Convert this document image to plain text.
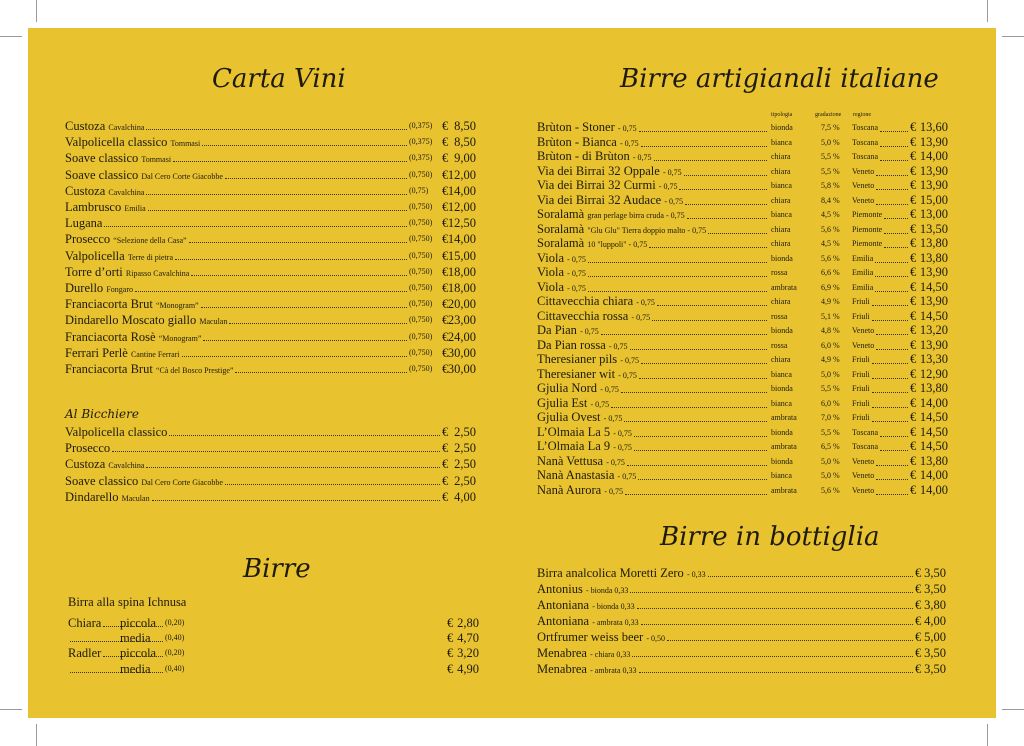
Carta Vini	Birre artigianali italiane
Al Bicchiere
Birre
Birre in bottiglia
tipologia	gradazione regione
Birra alla spina Ichnusa
Custoza Cavalchina	(0,375) € 8,50
Valpolicella classico Tommasi	(0,375) € 8,50
Soave classico Tommasi	(0,375) € 9,00
Soave classico Dal Cero Corte Giacobbe	(0,750) € 12,00
Custoza Cavalchina	(0,75) € 14,00
Lambrusco Emilia	(0,750) € 12,00
Lugana	(0,750) € 12,50
Prosecco “Selezione della Casa”	(0,750) € 14,00
Valpolicella Terre di pietra	(0,750) € 15,00
Torre d’orti Ripasso Cavalchina	(0,750) € 18,00
Durello Fongaro	(0,750) € 18,00
Franciacorta Brut “Monogram”	(0,750) € 20,00
Dindarello Moscato giallo Maculan	(0,750) € 23,00
Franciacorta Rosè “Monogram”	(0,750) € 24,00
Ferrari Perlè Cantine Ferrari	(0,750) € 30,00
Franciacorta Brut “Cà del Bosco Prestige”	(0,750) € 30,00
Valpolicella classico	€ 2,50
Prosecco	€ 2,50
Custoza Cavalchina	€ 2,50
Soave classico Dal Cero Corte Giacobbe	€ 2,50
Dindarello Maculan	€ 4,00
Chiara piccola (0,20)	€ 2,80
media (0,40)	€ 4,70
Radler piccola (0,20)	€ 3,20
media (0,40)	€ 4,90
Brùton - Stoner - 0,75	bionda	7,5 % Toscana	€ 13,60
Brùton - Bianca - 0,75	bianca	5,0 % Toscana	€ 13,90
Brùton - di Brùton - 0,75	chiara	5,5 % Toscana	€ 14,00
Via dei Birrai 32 Oppale - 0,75	chiara	5,5 % Veneto	€ 13,90
Via dei Birrai 32 Curmi - 0,75	bianca	5,8 % Veneto	€ 13,90
Via dei Birrai 32 Audace - 0,75	chiara	8,4 % Veneto	€ 15,00
Soralamà gran perlage birra cruda - 0,75	bianca	4,5 % Piemonte € 13,00
Soralamà "Glu Glu" Tierra doppio malto - 0,75	chiara	5,6 % Piemonte € 13,50
Soralamà 10 "luppoli" - 0,75	chiara	4,5 % Piemonte € 13,80
Viola - 0,75	bionda	5,6 % Emilia	€ 13,80
Viola - 0,75	rossa	6,6 % Emilia	€ 13,90
Viola - 0,75	ambrata	6,9 % Emilia	€ 14,50
Cittavecchia chiara - 0,75	chiara	4,9 % Friuli	€ 13,90
Cittavecchia rossa - 0,75	rossa	5,1 % Friuli	€ 14,50
Da Pian - 0,75	bionda	4,8 % Veneto	€ 13,20
Da Pian rossa - 0,75	rossa	6,0 % Veneto	€ 13,90
Theresianer pils - 0,75	chiara	4,9 % Friuli	€ 13,30
Theresianer wit - 0,75	bianca	5,0 % Friuli	€ 12,90
Gjulia Nord - 0,75	bionda	5,5 % Friuli	€ 13,80
Gjulia Est - 0,75	bianca	6,0 % Friuli	€ 14,00
Gjulia Ovest - 0,75	ambrata	7,0 % Friuli	€ 14,50
L’Olmaia La 5 - 0,75	bionda	5,5 % Toscana	€ 14,50
L’Olmaia La 9 - 0,75	ambrata	6,5 % Toscana	€ 14,50
Nanà Vettusa - 0,75	bionda	5,0 % Veneto	€ 13,80
Nanà Anastasia - 0,75	bianca	5,0 % Veneto	€ 14,00
Nanà Aurora - 0,75	ambrata	5,6 % Veneto	€ 14,00
Birra analcolica Moretti Zero - 0,33	€ 3,50
Antonius - bionda 0,33	€ 3,50
Antoniana - bionda 0,33	€ 3,80
Antoniana - ambrata 0,33	€ 4,00
Ortfrumer weiss beer - 0,50	€ 5,00
Menabrea - chiara 0,33	€ 3,50
Menabrea - ambrata 0,33	€ 3,50
